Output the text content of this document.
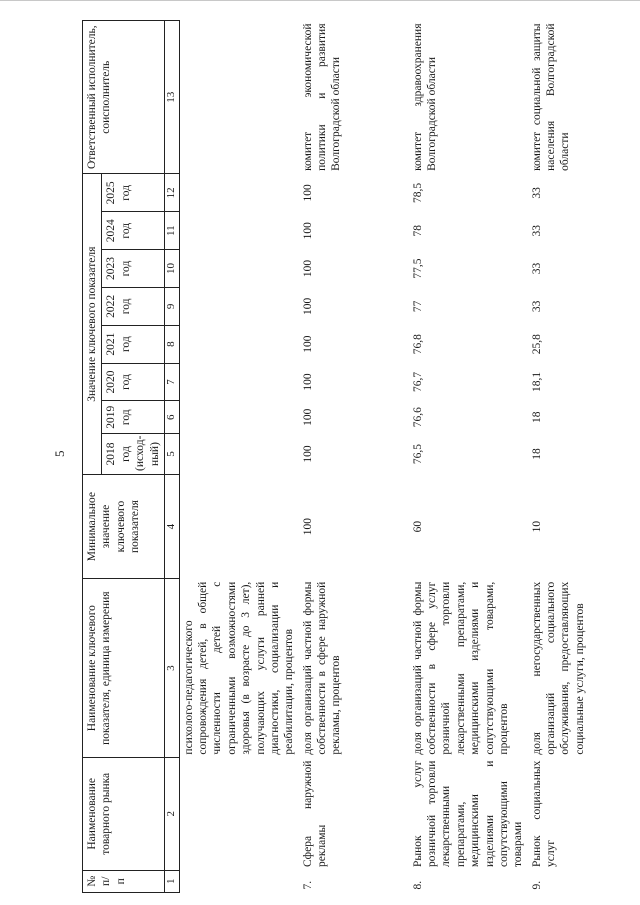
5
№ п/п	Наименование товарного рынка	Наименование ключевого показателя, единица измерения	Минимальное значение ключевого показателя	Значение ключевого показателя								Ответственный исполнитель, соисполнитель
				2018 год (исход-ный)	2019 год	2020 год	2021 год	2022 год	2023 год	2024 год	2025 год	
1	2	3	4	5	6	7	8	9	10	11	12	13
		психолого-педагогического сопровождения детей, в общей численности детей с ограниченными возможностями здоровья (в возрасте до 3 лет), получающих услуги ранней диагностики, социализации и реабилитации, процентов										
7.	Сфера наружной рекламы	доля организаций частной формы собственности в сфере наружной рекламы, процентов	100	100	100	100	100	100	100	100	100	комитет экономической политики и развития Волгоградской области
8.	Рынок услуг розничной торговли лекарственными препаратами, медицинскими изделиями и сопутствующими товарами	доля организаций частной формы собственности в сфере услуг розничной торговли лекарственными препаратами, медицинскими изделиями и сопутствующими товарами, процентов	60	76,5	76,6	76,7	76,8	77	77,5	78	78,5	комитет здравоохранения Волгоградской области
9.	Рынок социальных услуг	доля негосударственных организаций социального обслуживания, предоставляющих социальные услуги, процентов	10	18	18	18,1	25,8	33	33	33	33	комитет социальной защиты населения Волгоградской области
